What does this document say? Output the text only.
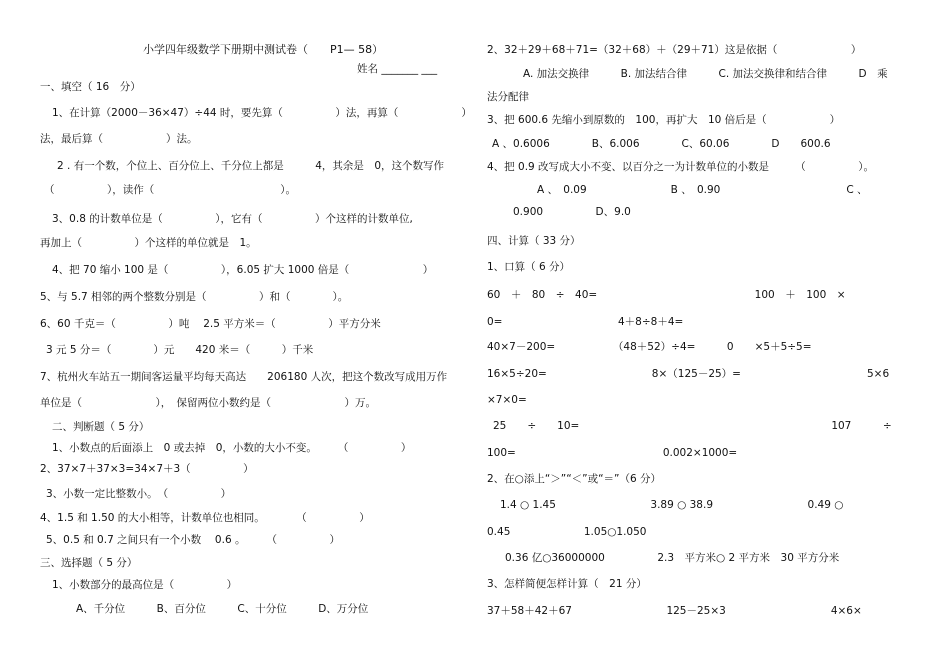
小学四年级数学下册期中测试卷（　　P1— 58）
姓名 _______ ___
一、填空（ 16　分）
1、在计算（2000－36×47）÷44 时，要先算（　　　　　）法，再算（　　　　　　）
法，最后算（　　　　　　）法。
2 . 有一个数，个位上、百分位上、千分位上都是　　　4，其余是　0，这个数写作
（　　　　　），读作（　　　　　　　　　　　　）。
3、0.8 的计数单位是（　　　　　），它有（　　　　　）个这样的计数单位,
再加上（　　　　　）个这样的单位就是　1。
4、把 70 缩小 100 是（　　　　　），6.05 扩大 1000 倍是（　　　　　　　）
5、与 5.7 相邻的两个整数分别是（　　　　　）和（　　　　）。
6、60 千克＝（　　　　　）吨　 2.5 平方米＝（　　　　　）平方分米
3 元 5 分＝（　　　　）元　　420 米＝（　　　）千米
7、杭州火车站五一期间客运量平均每天高达　　206180 人次，把这个数改写成用万作
单位是（　　　　　　　），　保留两位小数约是（　　　　　　　）万。
二、判断题（ 5 分）
1、小数点的后面添上　0 或去掉　0，小数的大小不变。　　　（　　　　　）
2、37×7＋37×3=34×7＋3（　　　　　）
3、小数一定比整数小。　（　　　　　）
4、1.5 和 1.50 的大小相等，计数单位也相同。　　　　（　　　　　）
5、0.5 和 0.7 之间只有一个小数　 0.6 。　　　（　　　　　）
三、选择题（ 5 分）
1、小数部分的最高位是（　　　　　）
A、千分位　　　B、百分位　　　C、十分位　　　D、万分位
2、32＋29＋68＋71=（32＋68）＋（29＋71）这是依据（　　　　　　　）
A. 加法交换律　　　B. 加法结合律　　　C. 加法交换律和结合律　　　D　乘
法分配律
3、把 600.6 先缩小到原数的　100，再扩大　10 倍后是（　　　　　　）
A 、0.6006　　　　B、6.006　　　　C、60.06　　　　D　　600.6
4、把 0.9 改写成大小不变、以百分之一为计数单位的小数是　　　（　　　　　）。
A 、　0.09　　　　　　　　B 、　0.90　　　　　　　　　　　　C 、
0.900　　　　　D、9.0
四、计算（ 33 分）
1、口算（ 6 分）
60　＋　80　÷　40=　　　　　　　　　　　　　　　100　＋　100　×
0=　　　　　　　　　　　4＋8÷8＋4=
40×7－200=　　　　　　（48＋52）÷4=　　　0　　×5＋5÷5=
16×5÷20=　　　　　　　　　　8×（125－25）=　　　　　　　　　　　　5×6
×7×0=
25　　÷　　10=　　　　　　　　　　　　　　　　　　　　　　　　107　　　÷
100=　　　　　　　　　　　　　　0.002×1000=
2、在○添上“＞”“＜”或“＝”（6 分）
1.4 ○ 1.45　　　　　　　　　3.89 ○ 38.9　　　　　　　　　0.49 ○
0.45　　　　　　　1.05○1.050
0.36 亿○36000000　　　　　2.3　平方米○ 2 平方米　30 平方分米
3、怎样简便怎样计算（　21 分）
37＋58＋42＋67　　　　　　　　　125－25×3　　　　　　　　　　4×6×
